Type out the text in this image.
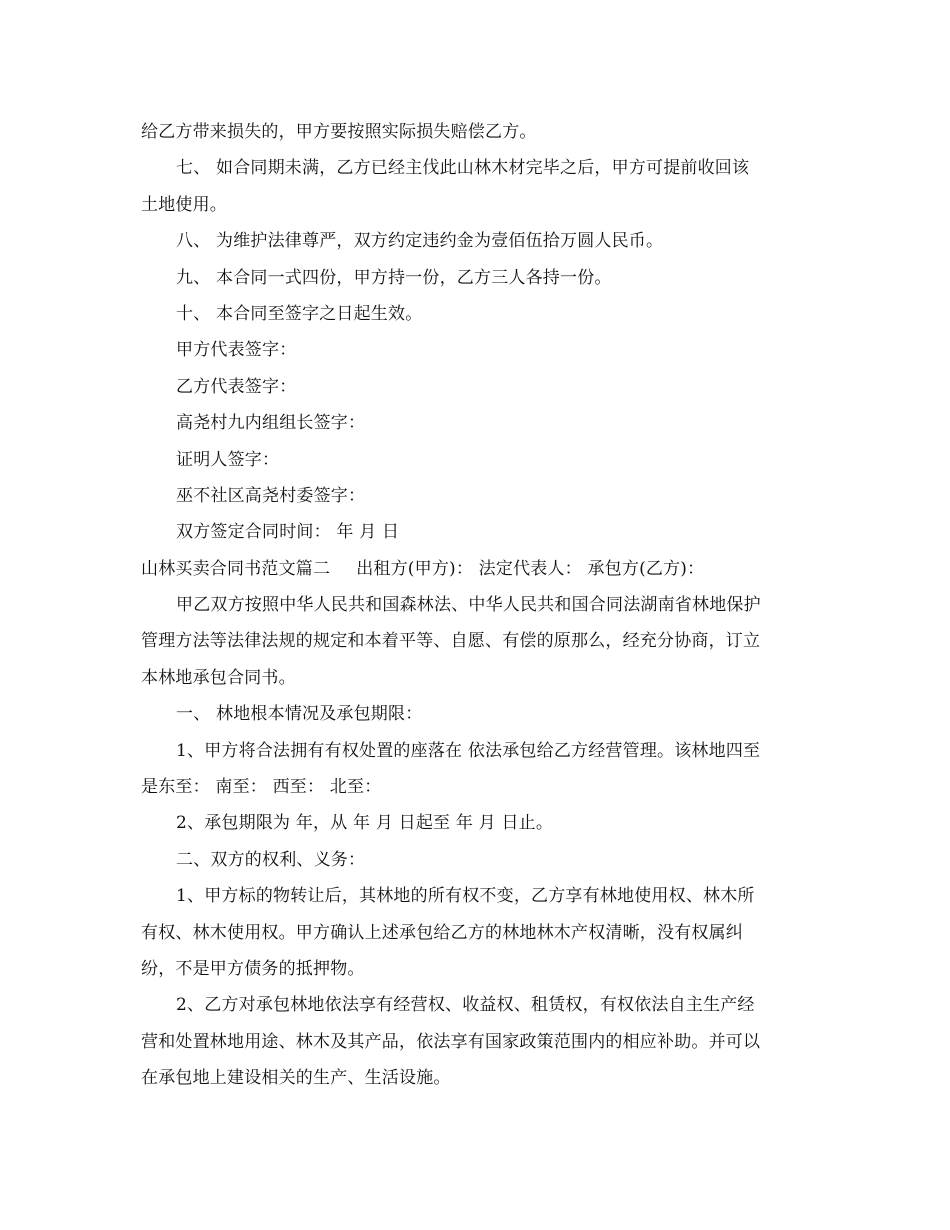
给乙方带来损失的，甲方要按照实际损失赔偿乙方。
七、 如合同期未满，乙方已经主伐此山林木材完毕之后，甲方可提前收回该
土地使用。
八、 为维护法律尊严，双方约定违约金为壹佰伍拾万圆人民币。
九、 本合同一式四份，甲方持一份，乙方三人各持一份。
十、 本合同至签字之日起生效。
甲方代表签字：
乙方代表签字：
高尧村九内组组长签字：
证明人签字：
巫不社区高尧村委签字：
双方签定合同时间： 年 月 日
山林买卖合同书范文篇二 出租方(甲方)： 法定代表人： 承包方(乙方)：
甲乙双方按照中华人民共和国森林法、中华人民共和国合同法湖南省林地保护
管理方法等法律法规的规定和本着平等、自愿、有偿的原那么，经充分协商，订立
本林地承包合同书。
一、 林地根本情况及承包期限：
1、甲方将合法拥有有权处置的座落在 依法承包给乙方经营管理。该林地四至
是东至： 南至： 西至： 北至：
2、承包期限为 年，从 年 月 日起至 年 月 日止。
二、双方的权利、义务：
1、甲方标的物转让后，其林地的所有权不变，乙方享有林地使用权、林木所
有权、林木使用权。甲方确认上述承包给乙方的林地林木产权清晰，没有权属纠
纷，不是甲方债务的抵押物。
2、乙方对承包林地依法享有经营权、收益权、租赁权，有权依法自主生产经
营和处置林地用途、林木及其产品，依法享有国家政策范围内的相应补助。并可以
在承包地上建设相关的生产、生活设施。
